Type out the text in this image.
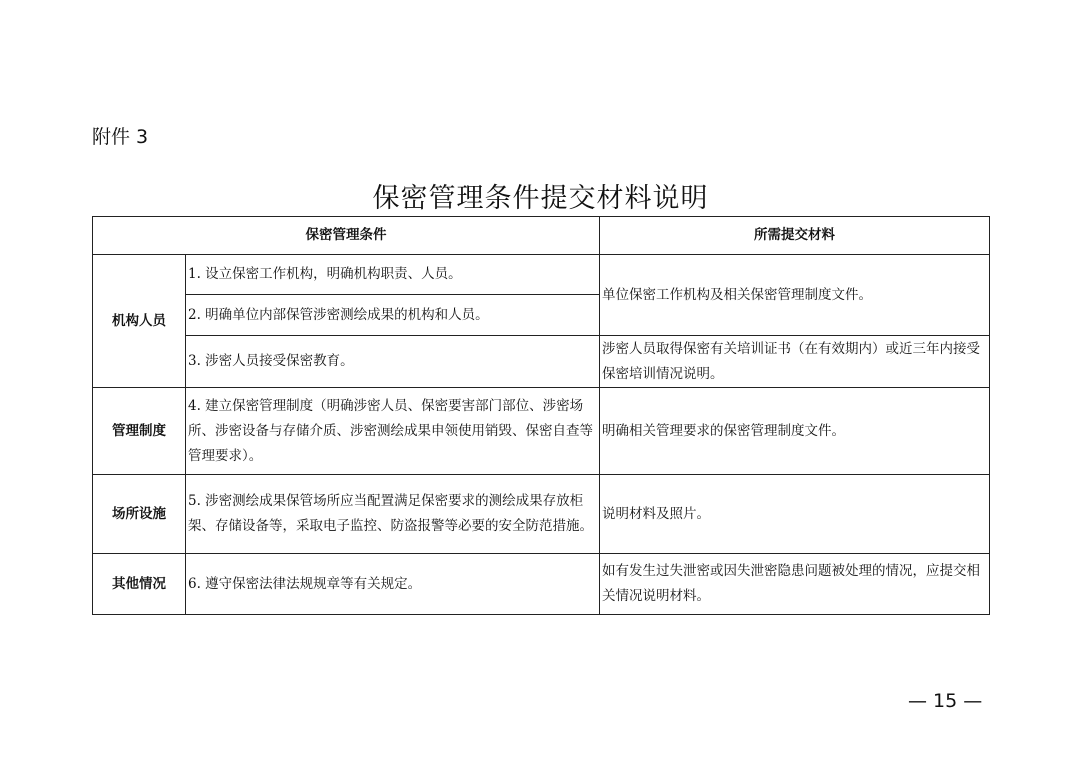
附件 3
保密管理条件提交材料说明
保密管理条件		所需提交材料
机构人员	1. 设立保密工作机构，明确机构职责、人员。	单位保密工作机构及相关保密管理制度文件。
	2. 明确单位内部保管涉密测绘成果的机构和人员。	
	3. 涉密人员接受保密教育。	涉密人员取得保密有关培训证书（在有效期内）或近三年内接受保密培训情况说明。
管理制度	4. 建立保密管理制度（明确涉密人员、保密要害部门部位、涉密场所、涉密设备与存储介质、涉密测绘成果申领使用销毁、保密自查等管理要求）。	明确相关管理要求的保密管理制度文件。
场所设施	5. 涉密测绘成果保管场所应当配置满足保密要求的测绘成果存放柜架、存储设备等，采取电子监控、防盗报警等必要的安全防范措施。	说明材料及照片。
其他情况	6. 遵守保密法律法规规章等有关规定。	如有发生过失泄密或因失泄密隐患问题被处理的情况，应提交相关情况说明材料。
— 15 —
